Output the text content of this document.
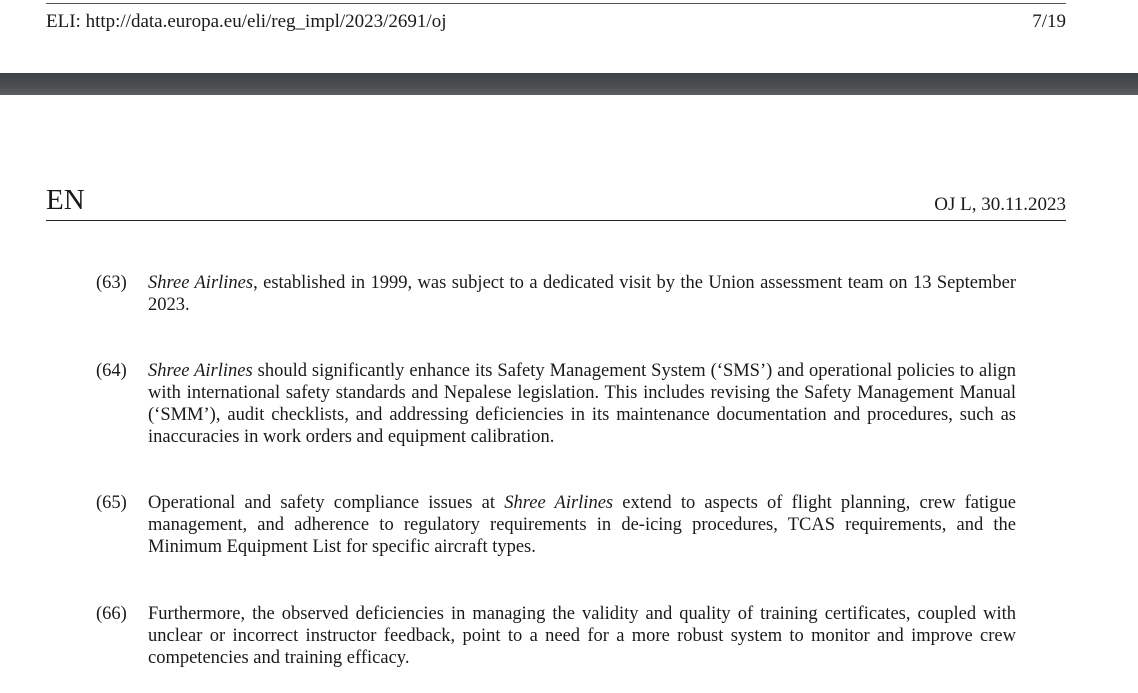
ELI: http://data.europa.eu/eli/reg_impl/2023/2691/oj	7/19
EN	OJ L, 30.11.2023
(63)	Shree Airlines, established in 1999, was subject to a dedicated visit by the Union assessment team on 13 September 2023.
(64)	Shree Airlines should significantly enhance its Safety Management System (‘SMS’) and operational policies to align with international safety standards and Nepalese legislation. This includes revising the Safety Management Manual (‘SMM’), audit checklists, and addressing deficiencies in its maintenance documentation and procedures, such as inaccuracies in work orders and equipment calibration.
(65)	Operational and safety compliance issues at Shree Airlines extend to aspects of flight planning, crew fatigue management, and adherence to regulatory requirements in de-icing procedures, TCAS requirements, and the Minimum Equipment List for specific aircraft types.
(66)	Furthermore, the observed deficiencies in managing the validity and quality of training certificates, coupled with unclear or incorrect instructor feedback, point to a need for a more robust system to monitor and improve crew competencies and training efficacy.
